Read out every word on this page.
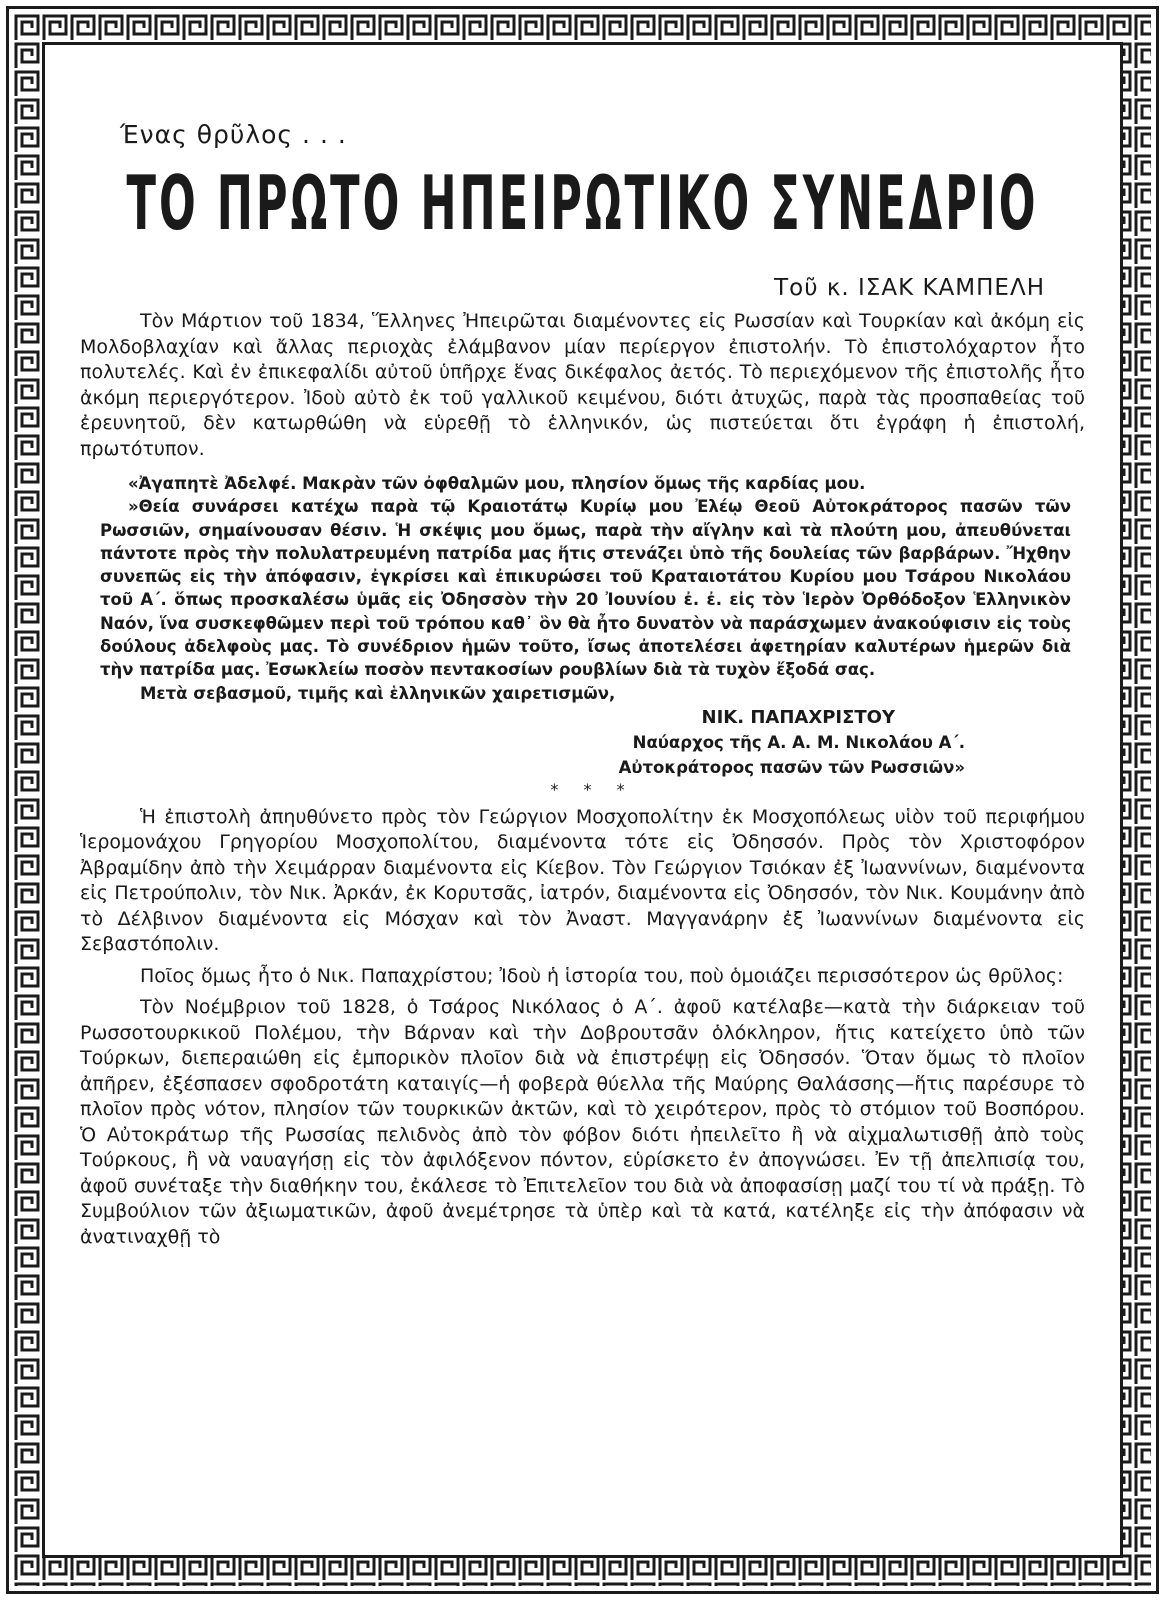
Ένας θρῦλος . . .
ΤΟ ΠΡΩΤΟ ΗΠΕΙΡΩΤΙΚΟ ΣΥΝΕΔΡΙΟ
Τοῦ κ. ΙΣΑΚ ΚΑΜΠΕΛΗ

Τὸν Μάρτιον τοῦ 1834, Ἕλληνες Ἠπειρῶται διαμένοντες εἰς Ρωσσίαν καὶ Τουρκίαν καὶ ἀκόμη εἰς Μολδοβλαχίαν καὶ ἄλλας περιοχὰς ἐλάμβανον μίαν περίεργον ἐπιστολήν. Τὸ ἐπιστολόχαρτον ἦτο πολυτελές. Καὶ ἐν ἐπικεφαλίδι αὐτοῦ ὑπῆρχε ἕνας δικέφαλος ἀετός. Τὸ περιεχόμενον τῆς ἐπιστολῆς ἦτο ἀκόμη περιεργότερον. Ἰδοὺ αὐτὸ ἐκ τοῦ γαλλικοῦ κειμένου, διότι ἀτυχῶς, παρὰ τὰς προσπαθείας τοῦ ἐρευνητοῦ, δὲν κατωρθώθη νὰ εὑρεθῇ τὸ ἑλληνικόν, ὡς πιστεύεται ὅτι ἐγράφη ἡ ἐπιστολή, πρωτότυπον.

«Ἀγαπητὲ Ἀδελφέ. Μακρὰν τῶν ὀφθαλμῶν μου, πλησίον ὅμως τῆς καρδίας μου.

»Θεία συνάρσει κατέχω παρὰ τῷ Κραιοτάτῳ Κυρίῳ μου Ἐλέῳ Θεοῦ Αὐτοκράτορος πασῶν τῶν Ρωσσιῶν, σημαίνουσαν θέσιν. Ἡ σκέψις μου ὅμως, παρὰ τὴν αἴγλην καὶ τὰ πλούτη μου, ἀπευθύνεται πάντοτε πρὸς τὴν πολυλατρευμένη πατρίδα μας ἥτις στενάζει ὑπὸ τῆς δουλείας τῶν βαρβάρων. Ἤχθην συνεπῶς εἰς τὴν ἀπόφασιν, ἐγκρίσει καὶ ἐπικυρώσει τοῦ Κραταιοτάτου Κυρίου μου Τσάρου Νικολάου τοῦ Α΄. ὅπως προσκαλέσω ὑμᾶς εἰς Ὀδησσὸν τὴν 20 Ἰουνίου ἐ. ἐ. εἰς τὸν Ἱερὸν Ὀρθόδοξον Ἑλληνικὸν Ναόν, ἵνα συσκεφθῶμεν περὶ τοῦ τρόπου καθ᾽ ὃν θὰ ἦτο δυνατὸν νὰ παράσχωμεν ἀνακούφισιν εἰς τοὺς δούλους ἀδελφοὺς μας. Τὸ συνέδριον ἡμῶν τοῦτο, ἴσως ἀποτελέσει ἀφετηρίαν καλυτέρων ἡμερῶν διὰ τὴν πατρίδα μας. Ἐσωκλείω ποσὸν πεντακοσίων ρουβλίων διὰ τὰ τυχὸν ἔξοδά σας.

Μετὰ σεβασμοῦ, τιμῆς καὶ ἑλληνικῶν χαιρετισμῶν,

ΝΙΚ. ΠΑΠΑΧΡΙΣΤΟΥ
Ναύαρχος τῆς Α. Α. Μ. Νικολάου Α΄.
Αὐτοκράτορος πασῶν τῶν Ρωσσιῶν»
* * *

Ἡ ἐπιστολὴ ἀπηυθύνετο πρὸς τὸν Γεώργιον Μοσχοπολίτην ἐκ Μοσχοπόλεως υἱὸν τοῦ περιφήμου Ἱερομονάχου Γρηγορίου Μοσχοπολίτου, διαμένοντα τότε εἰς Ὀδησσόν. Πρὸς τὸν Χριστοφόρον Ἀβραμίδην ἀπὸ τὴν Χειμάρραν διαμένοντα εἰς Κίεβον. Τὸν Γεώργιον Τσιόκαν ἐξ Ἰωαννίνων, διαμένοντα εἰς Πετρούπολιν, τὸν Νικ. Ἀρκάν, ἐκ Κορυτσᾶς, ἰατρόν, διαμένοντα εἰς Ὀδησσόν, τὸν Νικ. Κουμάνην ἀπὸ τὸ Δέλβινον διαμένοντα εἰς Μόσχαν καὶ τὸν Ἀναστ. Μαγγανάρην ἐξ Ἰωαννίνων διαμένοντα εἰς Σεβαστόπολιν.

Ποῖος ὅμως ἦτο ὁ Νικ. Παπαχρίστου; Ἰδοὺ ἡ ἱστορία του, ποὺ ὁμοιάζει περισσότερον ὡς θρῦλος:

Τὸν Νοέμβριον τοῦ 1828, ὁ Τσάρος Νικόλαος ὁ Α΄. ἀφοῦ κατέλαβε—κατὰ τὴν διάρκειαν τοῦ Ρωσσοτουρκικοῦ Πολέμου, τὴν Βάρναν καὶ τὴν Δοβρουτσᾶν ὁλόκληρον, ἥτις κατείχετο ὑπὸ τῶν Τούρκων, διεπεραιώθη εἰς ἐμπορικὸν πλοῖον διὰ νὰ ἐπιστρέψῃ εἰς Ὀδησσόν. Ὅταν ὅμως τὸ πλοῖον ἀπῆρεν, ἐξέσπασεν σφοδροτάτη καταιγίς—ἡ φοβερὰ θύελλα τῆς Μαύρης Θαλάσσης—ἥτις παρέσυρε τὸ πλοῖον πρὸς νότον, πλησίον τῶν τουρκικῶν ἀκτῶν, καὶ τὸ χειρότερον, πρὸς τὸ στόμιον τοῦ Βοσπόρου. Ὁ Αὐτοκράτωρ τῆς Ρωσσίας πελιδνὸς ἀπὸ τὸν φόβον διότι ἠπειλεῖτο ἢ νὰ αἰχμαλωτισθῇ ἀπὸ τοὺς Τούρκους, ἢ νὰ ναυαγήσῃ εἰς τὸν ἀφιλόξενον πόντον, εὑρίσκετο ἐν ἀπογνώσει. Ἐν τῇ ἀπελπισίᾳ του, ἀφοῦ συνέταξε τὴν διαθήκην του, ἐκάλεσε τὸ Ἐπιτελεῖον του διὰ νὰ ἀποφασίσῃ μαζί του τί νὰ πράξῃ. Τὸ Συμβούλιον τῶν ἀξιωματικῶν, ἀφοῦ ἀνεμέτρησε τὰ ὑπὲρ καὶ τὰ κατά, κατέληξε εἰς τὴν ἀπόφασιν νὰ ἀνατιναχθῇ τὸ
